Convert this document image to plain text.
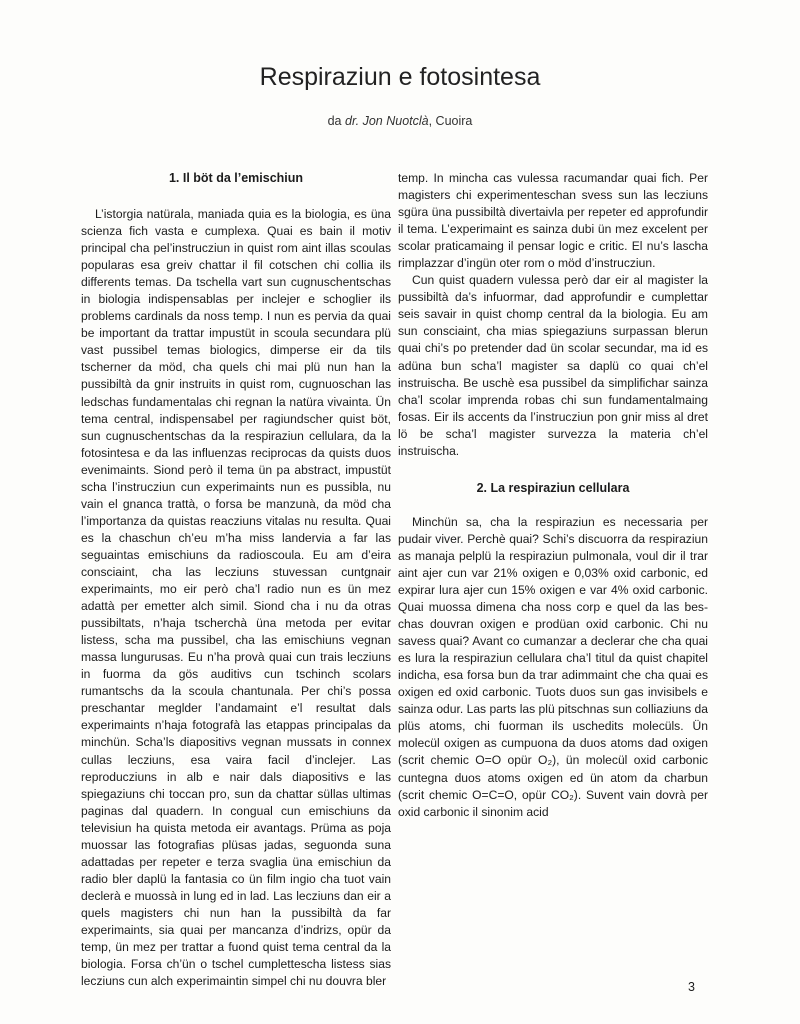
Respiraziun e fotosintesa
da dr. Jon Nuotclà, Cuoira
1. Il böt da l’emischiun

L’istorgia natürala, maniada quia es la biologia, es üna scienza fich vasta e cumplexa. Quai es bain il motiv principal cha pel’instrucziun in quist rom aint illas scoulas popularas esa greiv chattar il fil cotschen chi collia ils differents temas. Da tschella vart sun cugnuschentschas in biologia indispensablas per inclejer e schoglier ils problems cardinals da noss temp. I nun es pervia da quai be important da trattar impustüt in scoula secundara plü vast pussibel temas biologics, dimperse eir da tils tscherner da möd, cha quels chi mai plü nun han la pussibiltà da gnir instruits in quist rom, cugnuoschan las ledschas fundamentalas chi regnan la natüra vivainta. Ün tema central, indispensabel per ragiundscher quist böt, sun cugnuschentschas da la respiraziun cellulara, da la fotosintesa e da las influenzas reciprocas da quists duos evenimaints. Siond però il tema ün pa abstract, impustüt scha l’instrucziun cun experimaints nun es pussibla, nu vain el gnanca trattà, o forsa be manzunà, da möd cha l’importanza da quistas reacziuns vitalas nu resulta. Quai es la chaschun ch’eu m’ha miss landervia a far las seguaintas emischiuns da radioscoula. Eu am d’eira consciaint, cha las lecziuns stuvessan cuntgnair experimaints, mo eir però cha’l radio nun es ün mez adattà per emetter alch simil. Siond cha i nu da otras pussibiltats, n’haja tscherchà üna metoda per evitar listess, scha ma pussibel, cha las emischiuns vegnan massa lungurusas. Eu n’ha provà quai cun trais lecziuns in fuorma da gös auditivs cun tschinch scolars rumantschs da la scoula chantunala. Per chi’s possa preschantar meglder l’andamaint e’l resultat dals experimaints n’haja fotografà las etappas principalas da minchün. Scha’ls diapositivs vegnan mussats in connex cullas lecziuns, esa vaira facil d’inclejer. Las reproducziuns in alb e nair dals diapositivs e las spiegaziuns chi toccan pro, sun da chattar süllas ultimas paginas dal quadern. In congual cun emischiuns da televisiun ha quista metoda eir avantags. Prüma as poja muossar las fotografias plüsas jadas, seguonda suna adattadas per repeter e terza svaglia üna emischiun da radio bler daplü la fantasia co ün film ingio cha tuot vain declerà e muossà in lung ed in lad. Las lecziuns dan eir a quels magisters chi nun han la pussibiltà da far experimaints, sia quai per mancanza d’indrizs, opür da temp, ün mez per trattar a fuond quist tema central da la biologia. Forsa ch’ün o tschel cumplettescha listess sias lecziuns cun alch experimaintin simpel chi nu douvra bler

temp. In mincha cas vulessa racumandar quai fich. Per magisters chi experimenteschan svess sun las lecziuns sgüra üna pussibiltà divertaivla per repeter ed approfundir il tema. L’experimaint es sainza dubi ün mez excelent per scolar praticamaing il pensar logic e critic. El nu’s lascha rimplazzar d’ingün oter rom o möd d’instrucziun.

Cun quist quadern vulessa però dar eir al magister la pussibiltà da’s infuormar, dad approfundir e cumplettar seis savair in quist chomp central da la biologia. Eu am sun consciaint, cha mias spiegaziuns surpassan blerun quai chi’s po pretender dad ün scolar secundar, ma id es adüna bun scha’l magister sa daplü co quai ch’el instruischa. Be uschè esa pussibel da simplifichar sainza cha’l scolar imprenda robas chi sun fundamentalmaing fosas. Eir ils accents da l’instrucziun pon gnir miss al dret lö be scha’l magister survezza la materia ch’el instruischa.

2. La respiraziun cellulara

Minchün sa, cha la respiraziun es necessaria per pudair viver. Perchè quai? Schi’s discuorra da respiraziun as manaja pelplü la respiraziun pulmonala, voul dir il trar aint ajer cun var 21% oxigen e 0,03% oxid carbonic, ed expirar lura ajer cun 15% oxigen e var 4% oxid carbonic. Quai muossa dimena cha noss corp e quel da las bes-chas douvran oxigen e prodüan oxid carbonic. Chi nu savess quai? Avant co cumanzar a declerar che cha quai es lura la respiraziun cellulara cha’l titul da quist chapitel indicha, esa forsa bun da trar adimmaint che cha quai es oxigen ed oxid carbonic. Tuots duos sun gas invisibels e sainza odur. Las parts las plü pitschnas sun colliaziuns da plüs atoms, chi fuorman ils uschedits molecüls. Ün molecül oxigen as cumpuona da duos atoms dad oxigen (scrit chemic O=O opür O₂), ün molecül oxid carbonic cuntegna duos atoms oxigen ed ün atom da charbun (scrit chemic O=C=O, opür CO₂). Suvent vain dovrà per oxid carbonic il sinonim acid

3
